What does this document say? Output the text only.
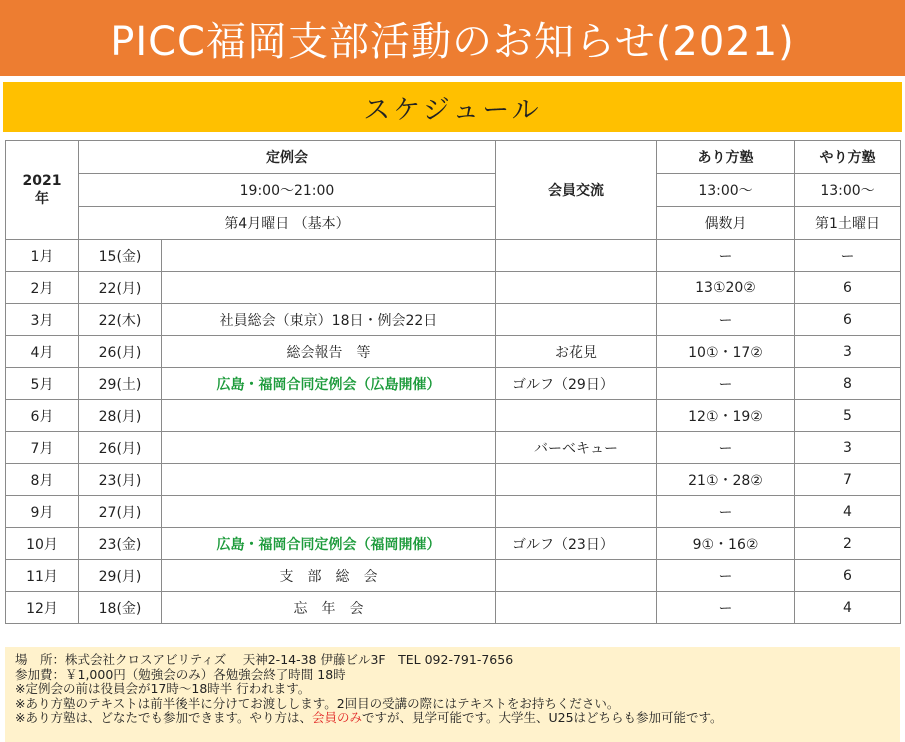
PICC福岡支部活動のお知らせ(2021)
スケジュール
2021年	定例会		会員交流	あり方塾	やり方塾
	19:00～21:00			13:00～	13:00～
	第4月曜日 （基本）			偶数月	第1土曜日
1月	15(金)			ー	ー
2月	22(月)			13①20②	6
3月	22(木)	社員総会（東京）18日・例会22日		ー	6
4月	26(月)	総会報告　等	お花見	10①・17②	3
5月	29(土)	広島・福岡合同定例会（広島開催）	ゴルフ（29日）	ー	8
6月	28(月)			12①・19②	5
7月	26(月)		バーベキュー	ー	3
8月	23(月)			21①・28②	7
9月	27(月)			ー	4
10月	23(金)	広島・福岡合同定例会（福岡開催）	ゴルフ（23日）	9①・16②	2
11月	29(月)	支　部　総　会		ー	6
12月	18(金)	忘　年　会		ー	4
場　所：株式会社クロスアビリティズ　 天神2-14-38 伊藤ビル3F　TEL 092-791-7656
参加費：￥1,000円（勉強会のみ）各勉強会終了時間 18時
※定例会の前は役員会が17時～18時半 行われます。
※あり方塾のテキストは前半後半に分けてお渡しします。2回目の受講の際にはテキストをお持ちください。
※あり方塾は、どなたでも参加できます。やり方は、会員のみですが、見学可能です。大学生、U25はどちらも参加可能です。
